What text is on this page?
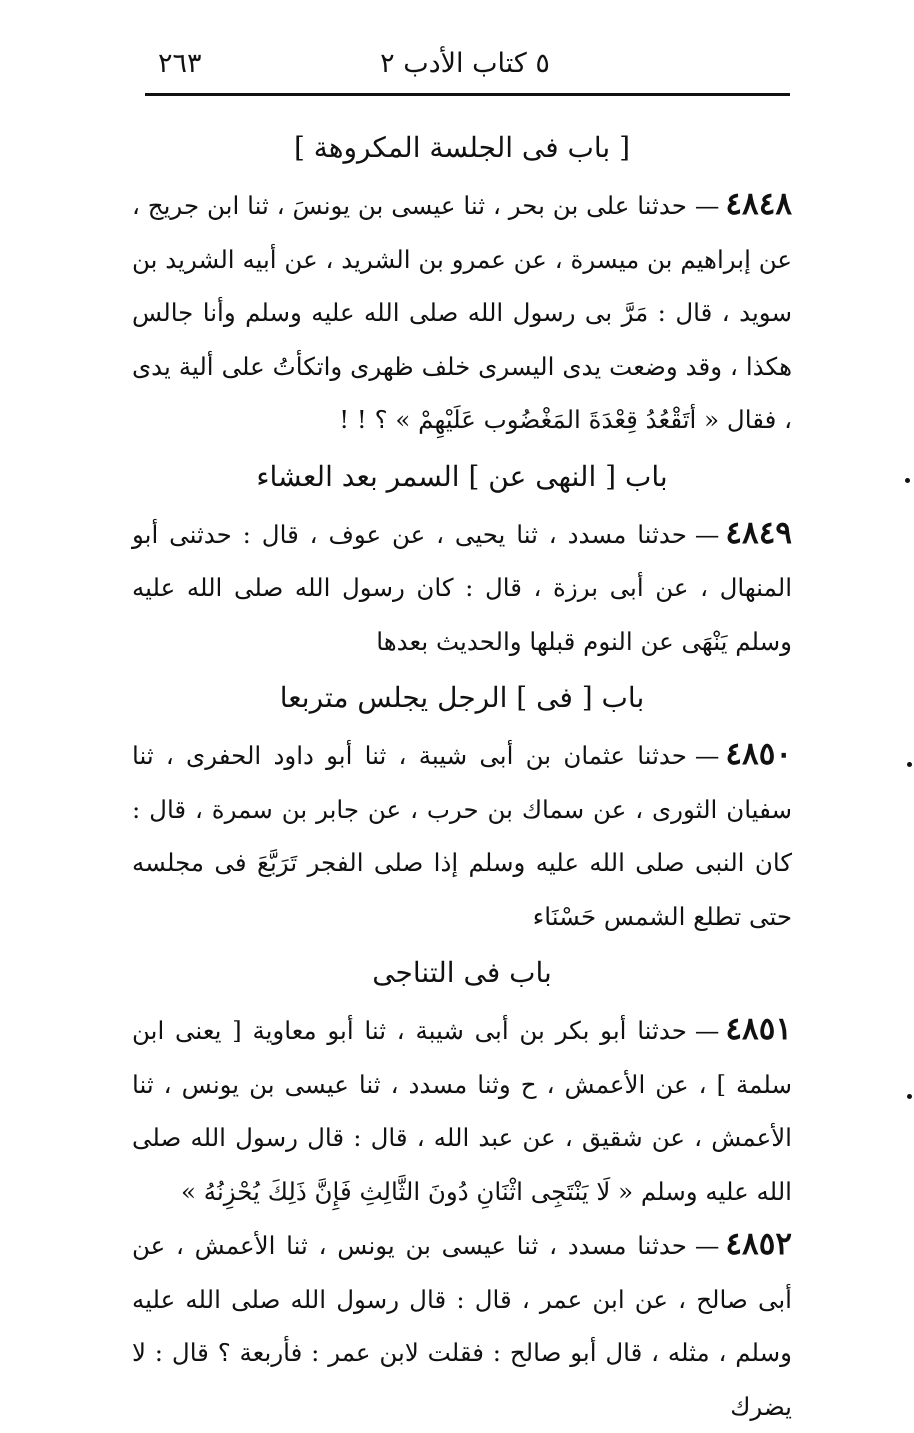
٥ كتاب الأدب ٢
٢٦٣
[ باب فى الجلسة المكروهة ]

٤٨٤٨—حدثنا على بن بحر ، ثنا عيسى بن يونسَ ، ثنا ابن جريج ، عن إبراهيم بن ميسرة ، عن عمرو بن الشريد ، عن أبيه الشريد بن سويد ، قال : مَرَّ بى رسول الله صلى الله عليه وسلم وأنا جالس هكذا ، وقد وضعت يدى اليسرى خلف ظهرى واتكأتُ على ألية يدى ، فقال « أتَقْعُدُ قِعْدَةَ المَغْضُوب عَلَيْهِمْ » ؟ ! !

باب [ النهى عن ] السمر بعد العشاء

٤٨٤٩—حدثنا مسدد ، ثنا يحيى ، عن عوف ، قال : حدثنى أبو المنهال ، عن أبى برزة ، قال : كان رسول الله صلى الله عليه وسلم يَنْهَى عن النوم قبلها والحديث بعدها

باب [ فى ] الرجل يجلس متربعا

٤٨٥٠—حدثنا عثمان بن أبى شيبة ، ثنا أبو داود الحفرى ، ثنا سفيان الثورى ، عن سماك بن حرب ، عن جابر بن سمرة ، قال : كان النبى صلى الله عليه وسلم إذا صلى الفجر تَرَبَّعَ فى مجلسه حتى تطلع الشمس حَسْنَاء

باب فى التناجى

٤٨٥١—حدثنا أبو بكر بن أبى شيبة ، ثنا أبو معاوية [ يعنى ابن سلمة ] ، عن الأعمش ، ح وثنا مسدد ، ثنا عيسى بن يونس ، ثنا الأعمش ، عن شقيق ، عن عبد الله ، قال : قال رسول الله صلى الله عليه وسلم « لَا يَنْتَجِى اثْنَانِ دُونَ الثَّالِثِ فَإِنَّ ذَلِكَ يُحْزِنُهُ »

٤٨٥٢—حدثنا مسدد ، ثنا عيسى بن يونس ، ثنا الأعمش ، عن أبى صالح ، عن ابن عمر ، قال : قال رسول الله صلى الله عليه وسلم ، مثله ، قال أبو صالح : فقلت لابن عمر : فأربعة ؟ قال : لا يضرك
